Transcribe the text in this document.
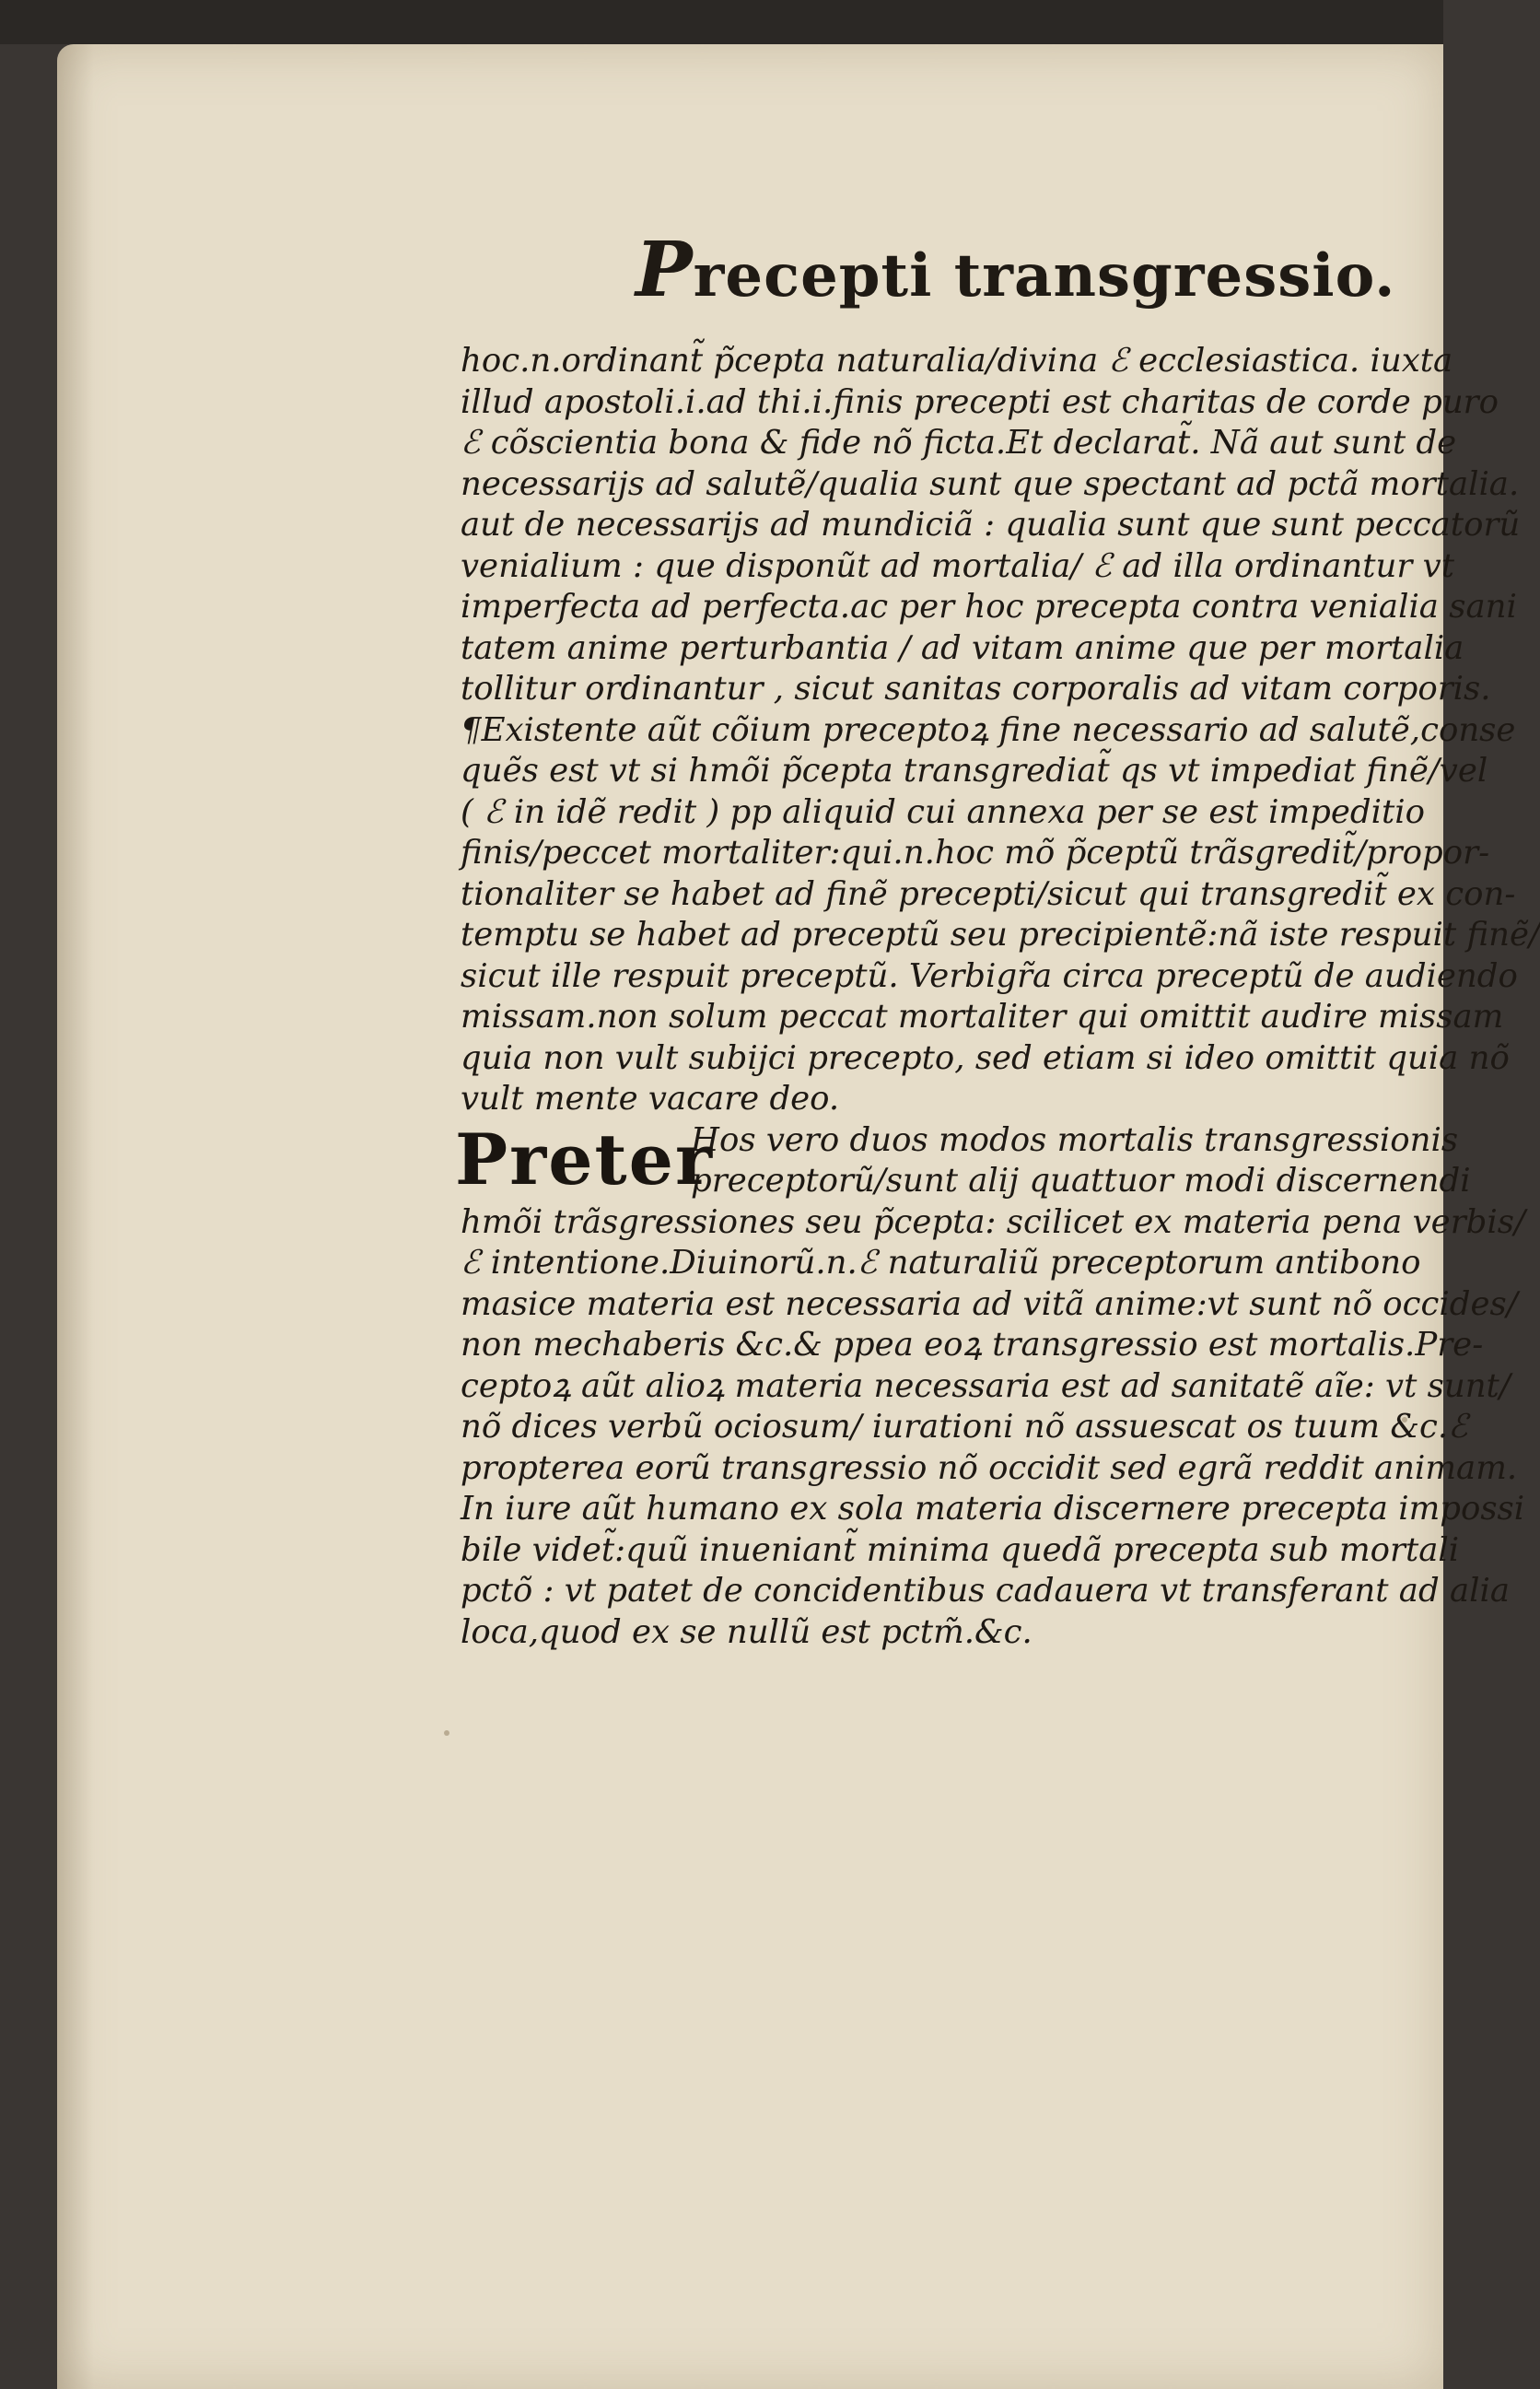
Precepti transgressio.
hoc.n.ordinant̃ p̃cepta naturalia/divina ℰ ecclesiastica. iuxta
illud apostoli.i.ad thi.i.finis precepti est charitas de corde puro
ℰ cõscientia bona & fide nõ ficta.Et declarat̃. Nã aut sunt de
necessarijs ad salutẽ/qualia sunt que spectant ad pctã mortalia.
aut de necessarijs ad mundiciã : qualia sunt que sunt peccatorũ
venialium : que disponũt ad mortalia/ ℰ ad illa ordinantur vt
imperfecta ad perfecta.ac per hoc precepta contra venialia sani
tatem anime perturbantia / ad vitam anime que per mortalia
tollitur ordinantur , sicut sanitas corporalis ad vitam corporis.
¶Existente aũt cõium preceptoꝝ fine necessario ad salutẽ,conse
quẽs est vt si hmõi p̃cepta transgrediat̃ qs vt impediat finẽ/vel
( ℰ in idẽ redit ) pp aliquid cui annexa per se est impeditio
finis/peccet mortaliter:qui.n.hoc mõ p̃ceptũ trãsgredit̃/propor-
tionaliter se habet ad finẽ precepti/sicut qui transgredit̃ ex con-
temptu se habet ad preceptũ seu precipientẽ:nã iste respuit finẽ/
sicut ille respuit preceptũ. Verbigr̃a circa preceptũ de audiendo
missam.non solum peccat mortaliter qui omittit audire missam
quia non vult subijci precepto, sed etiam si ideo omittit quia nõ
vult mente vacare deo.
Preter
Hos vero duos modos mortalis transgressionis
preceptorũ/sunt alij quattuor modi discernendi
hmõi trãsgressiones seu p̃cepta: scilicet ex materia pena verbis/
ℰ intentione.Diuinorũ.n.ℰ naturaliũ preceptorum antibono
masice materia est necessaria ad vitã anime:vt sunt nõ occides/
non mechaberis &c.& ppea eoꝝ transgressio est mortalis.Pre-
ceptoꝝ aũt alioꝝ materia necessaria est ad sanitatẽ aĩe: vt sunt/
nõ dices verbũ ociosum/ iurationi nõ assuescat os tuum &c.ℰ
propterea eorũ transgressio nõ occidit sed egrã reddit animam.
In iure aũt humano ex sola materia discernere precepta impossi
bile videt̃:quũ inueniant̃ minima quedã precepta sub mortali
pctõ : vt patet de concidentibus cadauera vt transferant ad alia
loca,quod ex se nullũ est pctm̃.&c.
